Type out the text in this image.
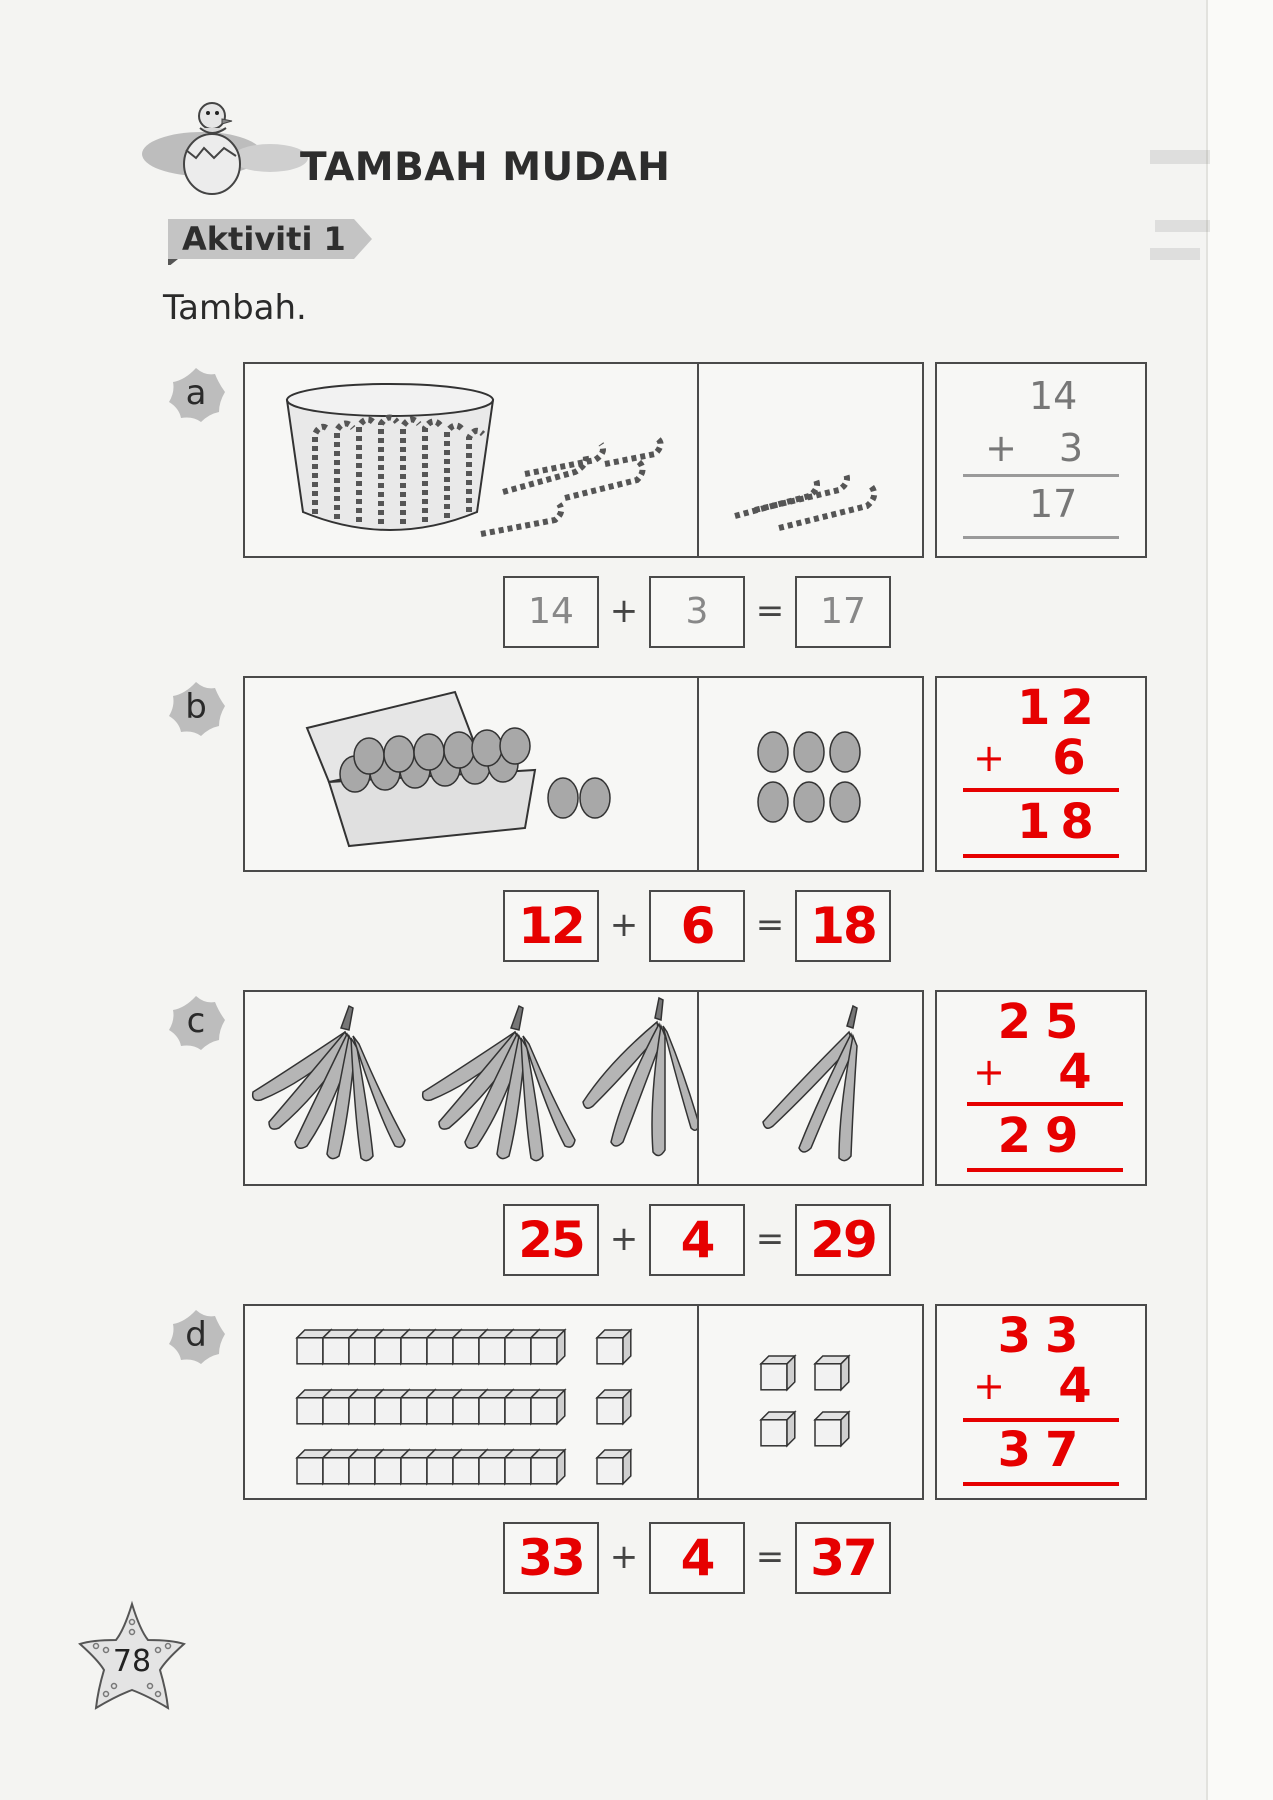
TAMBAH MUDAH
Aktiviti 1
Tambah.
a	14
+ 3
17
14	+	3	= 17
b	12
+ 6
18
12 + 6	= 18
c	25
+ 4
29
25 + 4	= 29
d	33
+ 4
37
33 + 4	= 37
78
